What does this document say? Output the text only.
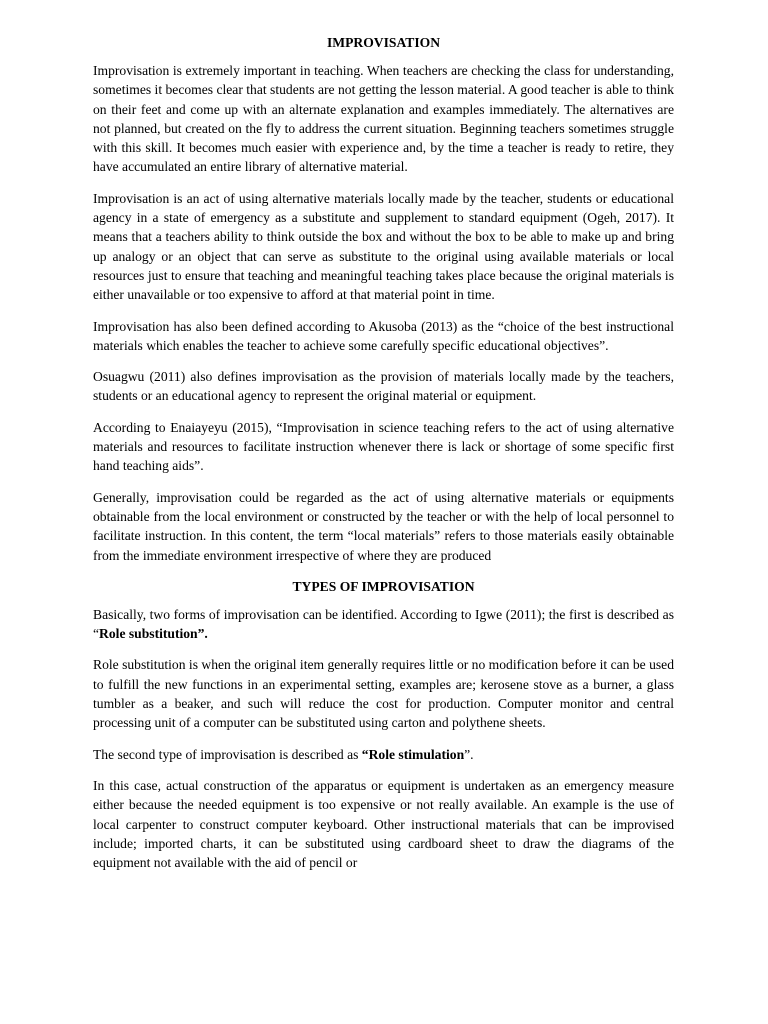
IMPROVISATION

Improvisation is extremely important in teaching. When teachers are checking the class for understanding, sometimes it becomes clear that students are not getting the lesson material. A good teacher is able to think on their feet and come up with an alternate explanation and examples immediately. The alternatives are not planned, but created on the fly to address the current situation. Beginning teachers sometimes struggle with this skill. It becomes much easier with experience and, by the time a teacher is ready to retire, they have accumulated an entire library of alternative material.

Improvisation is an act of using alternative materials locally made by the teacher, students or educational agency in a state of emergency as a substitute and supplement to standard equipment (Ogeh, 2017). It means that a teachers ability to think outside the box and without the box to be able to make up and bring up analogy or an object that can serve as substitute to the original using available materials or local resources just to ensure that teaching and meaningful teaching takes place because the original materials is either unavailable or too expensive to afford at that material point in time.

Improvisation has also been defined according to Akusoba (2013) as the “choice of the best instructional materials which enables the teacher to achieve some carefully specific educational objectives”.

Osuagwu (2011) also defines improvisation as the provision of materials locally made by the teachers, students or an educational agency to represent the original material or equipment.

According to Enaiayeyu (2015), “Improvisation in science teaching refers to the act of using alternative materials and resources to facilitate instruction whenever there is lack or shortage of some specific first hand teaching aids”.

Generally, improvisation could be regarded as the act of using alternative materials or equipments obtainable from the local environment or constructed by the teacher or with the help of local personnel to facilitate instruction. In this content, the term “local materials” refers to those materials easily obtainable from the immediate environment irrespective of where they are produced

TYPES OF IMPROVISATION

Basically, two forms of improvisation can be identified. According to Igwe (2011); the first is described as “Role substitution”.

Role substitution is when the original item generally requires little or no modification before it can be used to fulfill the new functions in an experimental setting, examples are; kerosene stove as a burner, a glass tumbler as a beaker, and such will reduce the cost for production. Computer monitor and central processing unit of a computer can be substituted using carton and polythene sheets.

The second type of improvisation is described as “Role stimulation”.

In this case, actual construction of the apparatus or equipment is undertaken as an emergency measure either because the needed equipment is too expensive or not really available. An example is the use of local carpenter to construct computer keyboard. Other instructional materials that can be improvised include; imported charts, it can be substituted using cardboard sheet to draw the diagrams of the equipment not available with the aid of pencil or
